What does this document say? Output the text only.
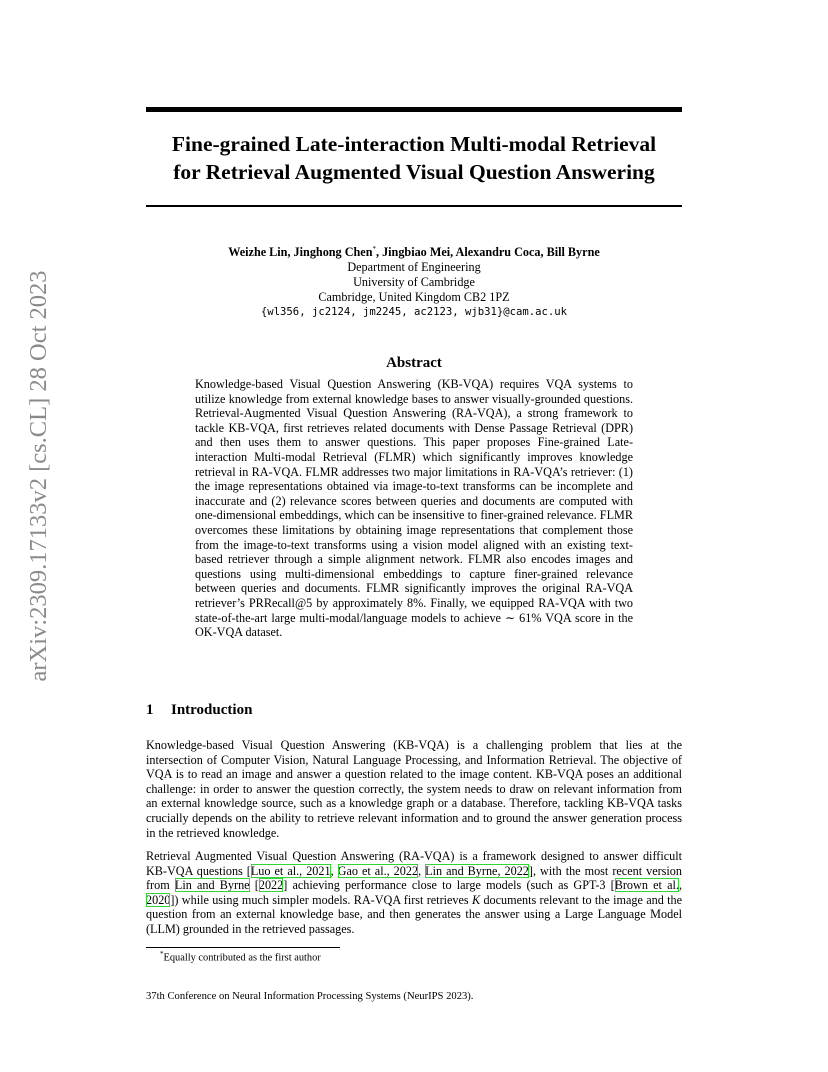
arXiv:2309.17133v2 [cs.CL] 28 Oct 2023
Fine-grained Late-interaction Multi-modal Retrieval
for Retrieval Augmented Visual Question Answering
Weizhe Lin, Jinghong Chen*, Jingbiao Mei, Alexandru Coca, Bill Byrne
Department of Engineering
University of Cambridge
Cambridge, United Kingdom CB2 1PZ
{wl356, jc2124, jm2245, ac2123, wjb31}@cam.ac.uk
Abstract

Knowledge-based Visual Question Answering (KB-VQA) requires VQA systems to utilize knowledge from external knowledge bases to answer visually-grounded questions. Retrieval-Augmented Visual Question Answering (RA-VQA), a strong framework to tackle KB-VQA, first retrieves related documents with Dense Passage Retrieval (DPR) and then uses them to answer questions. This paper proposes Fine-grained Late-interaction Multi-modal Retrieval (FLMR) which significantly improves knowledge retrieval in RA-VQA. FLMR addresses two major limitations in RA-VQA’s retriever: (1) the image representations obtained via image-to-text transforms can be incomplete and inaccurate and (2) relevance scores between queries and documents are computed with one-dimensional embeddings, which can be insensitive to finer-grained relevance. FLMR overcomes these limitations by obtaining image representations that complement those from the image-to-text transforms using a vision model aligned with an existing text-based retriever through a simple alignment network. FLMR also encodes images and questions using multi-dimensional embeddings to capture finer-grained relevance between queries and documents. FLMR significantly improves the original RA-VQA retriever’s PRRecall@5 by approximately 8%. Finally, we equipped RA-VQA with two state-of-the-art large multi-modal/language models to achieve ∼ 61% VQA score in the OK-VQA dataset.

1 Introduction

Knowledge-based Visual Question Answering (KB-VQA) is a challenging problem that lies at the intersection of Computer Vision, Natural Language Processing, and Information Retrieval. The objective of VQA is to read an image and answer a question related to the image content. KB-VQA poses an additional challenge: in order to answer the question correctly, the system needs to draw on relevant information from an external knowledge source, such as a knowledge graph or a database. Therefore, tackling KB-VQA tasks crucially depends on the ability to retrieve relevant information and to ground the answer generation process in the retrieved knowledge.

Retrieval Augmented Visual Question Answering (RA-VQA) is a framework designed to answer difficult KB-VQA questions [Luo et al., 2021, Gao et al., 2022, Lin and Byrne, 2022], with the most recent version from Lin and Byrne [2022] achieving performance close to large models (such as GPT-3 [Brown et al., 2020]) while using much simpler models. RA-VQA first retrieves K documents relevant to the image and the question from an external knowledge base, and then generates the answer using a Large Language Model (LLM) grounded in the retrieved passages.

*Equally contributed as the first author
37th Conference on Neural Information Processing Systems (NeurIPS 2023).
